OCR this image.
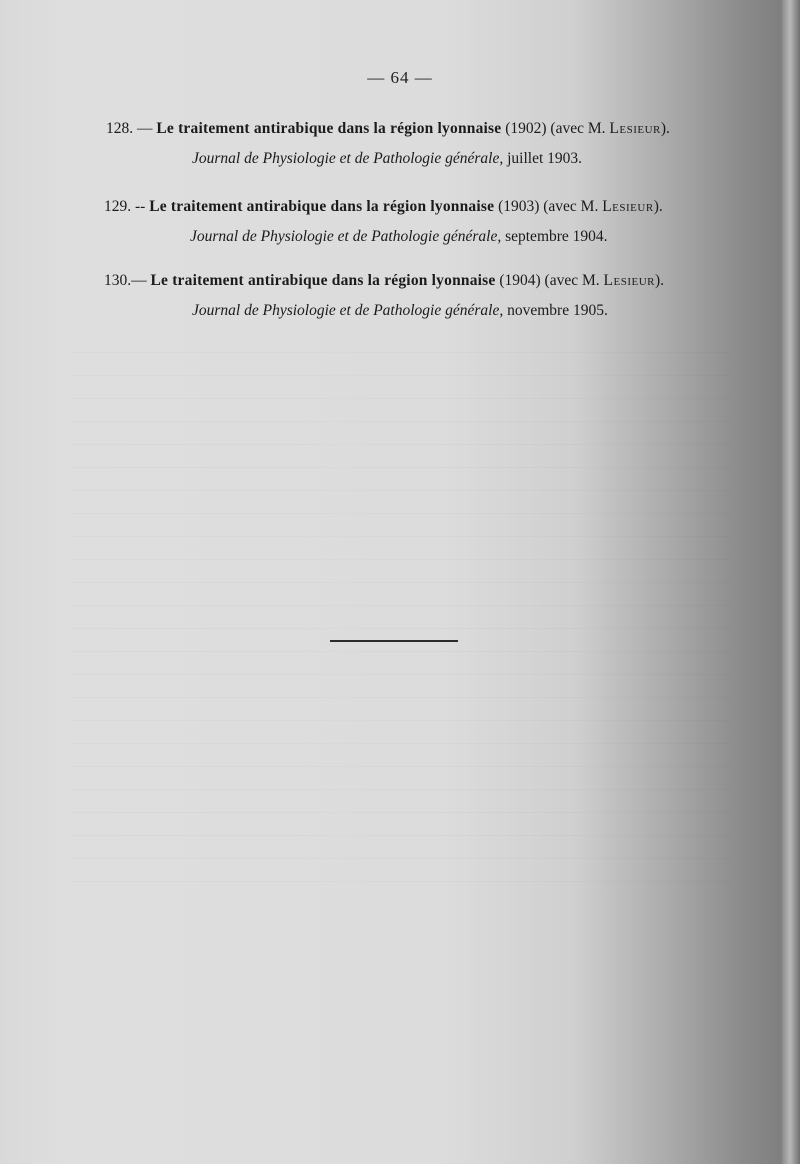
— 64 —
128. — Le traitement antirabique dans la région lyonnaise (1902) (avec M. Lesieur).
Journal de Physiologie et de Pathologie générale, juillet 1903.
129. -- Le traitement antirabique dans la région lyonnaise (1903) (avec M. Lesieur).
Journal de Physiologie et de Pathologie générale, septembre 1904.
130.— Le traitement antirabique dans la région lyonnaise (1904) (avec M. Lesieur).
Journal de Physiologie et de Pathologie générale, novembre 1905.
